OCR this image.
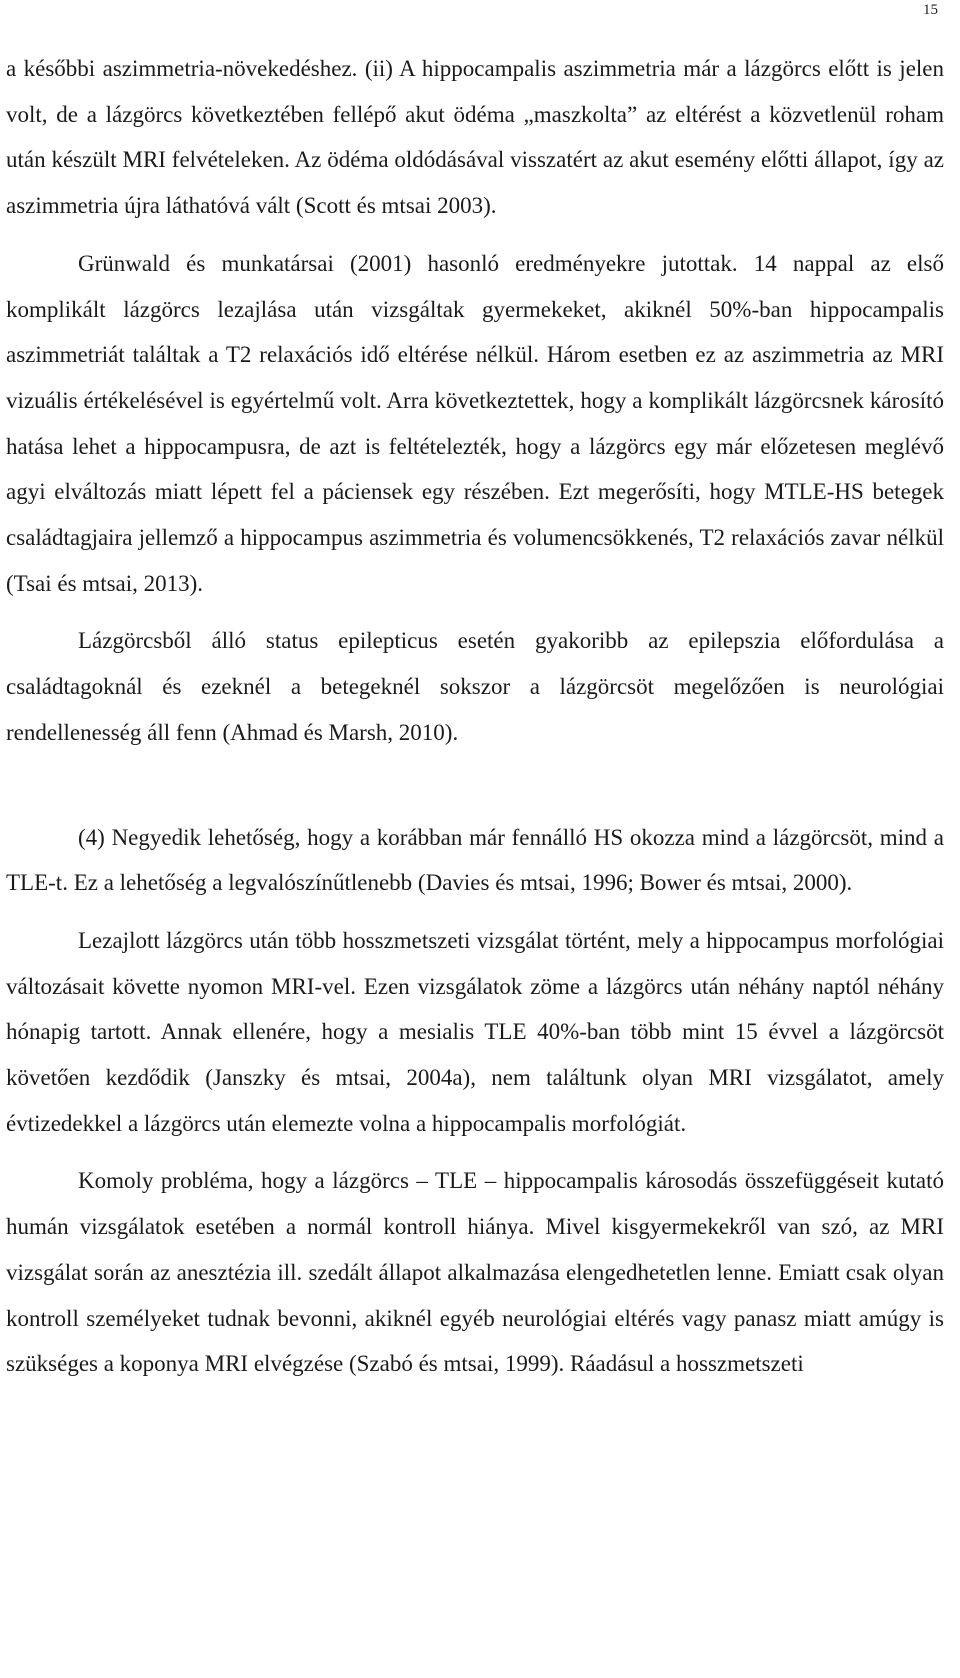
15

a későbbi aszimmetria-növekedéshez. (ii) A hippocampalis aszimmetria már a lázgörcs előtt is jelen volt, de a lázgörcs következtében fellépő akut ödéma „maszkolta” az eltérést a közvetlenül roham után készült MRI felvételeken. Az ödéma oldódásával visszatért az akut esemény előtti állapot, így az aszimmetria újra láthatóvá vált (Scott és mtsai 2003).

Grünwald és munkatársai (2001) hasonló eredményekre jutottak. 14 nappal az első komplikált lázgörcs lezajlása után vizsgáltak gyermekeket, akiknél 50%-ban hippocampalis aszimmetriát találtak a T2 relaxációs idő eltérése nélkül. Három esetben ez az aszimmetria az MRI vizuális értékelésével is egyértelmű volt. Arra következtettek, hogy a komplikált lázgörcsnek károsító hatása lehet a hippocampusra, de azt is feltételezték, hogy a lázgörcs egy már előzetesen meglévő agyi elváltozás miatt lépett fel a páciensek egy részében. Ezt megerősíti, hogy MTLE-HS betegek családtagjaira jellemző a hippocampus aszimmetria és volumencsökkenés, T2 relaxációs zavar nélkül (Tsai és mtsai, 2013).

Lázgörcsből álló status epilepticus esetén gyakoribb az epilepszia előfordulása a családtagoknál és ezeknél a betegeknél sokszor a lázgörcsöt megelőzően is neurológiai rendellenesség áll fenn (Ahmad és Marsh, 2010).

(4) Negyedik lehetőség, hogy a korábban már fennálló HS okozza mind a lázgörcsöt, mind a TLE-t. Ez a lehetőség a legvalószínűtlenebb (Davies és mtsai, 1996; Bower és mtsai, 2000).

Lezajlott lázgörcs után több hosszmetszeti vizsgálat történt, mely a hippocampus morfológiai változásait követte nyomon MRI-vel. Ezen vizsgálatok zöme a lázgörcs után néhány naptól néhány hónapig tartott. Annak ellenére, hogy a mesialis TLE 40%-ban több mint 15 évvel a lázgörcsöt követően kezdődik (Janszky és mtsai, 2004a), nem találtunk olyan MRI vizsgálatot, amely évtizedekkel a lázgörcs után elemezte volna a hippocampalis morfológiát.

Komoly probléma, hogy a lázgörcs – TLE – hippocampalis károsodás összefüggéseit kutató humán vizsgálatok esetében a normál kontroll hiánya. Mivel kisgyermekekről van szó, az MRI vizsgálat során az anesztézia ill. szedált állapot alkalmazása elengedhetetlen lenne. Emiatt csak olyan kontroll személyeket tudnak bevonni, akiknél egyéb neurológiai eltérés vagy panasz miatt amúgy is szükséges a koponya MRI elvégzése (Szabó és mtsai, 1999). Ráadásul a hosszmetszeti
